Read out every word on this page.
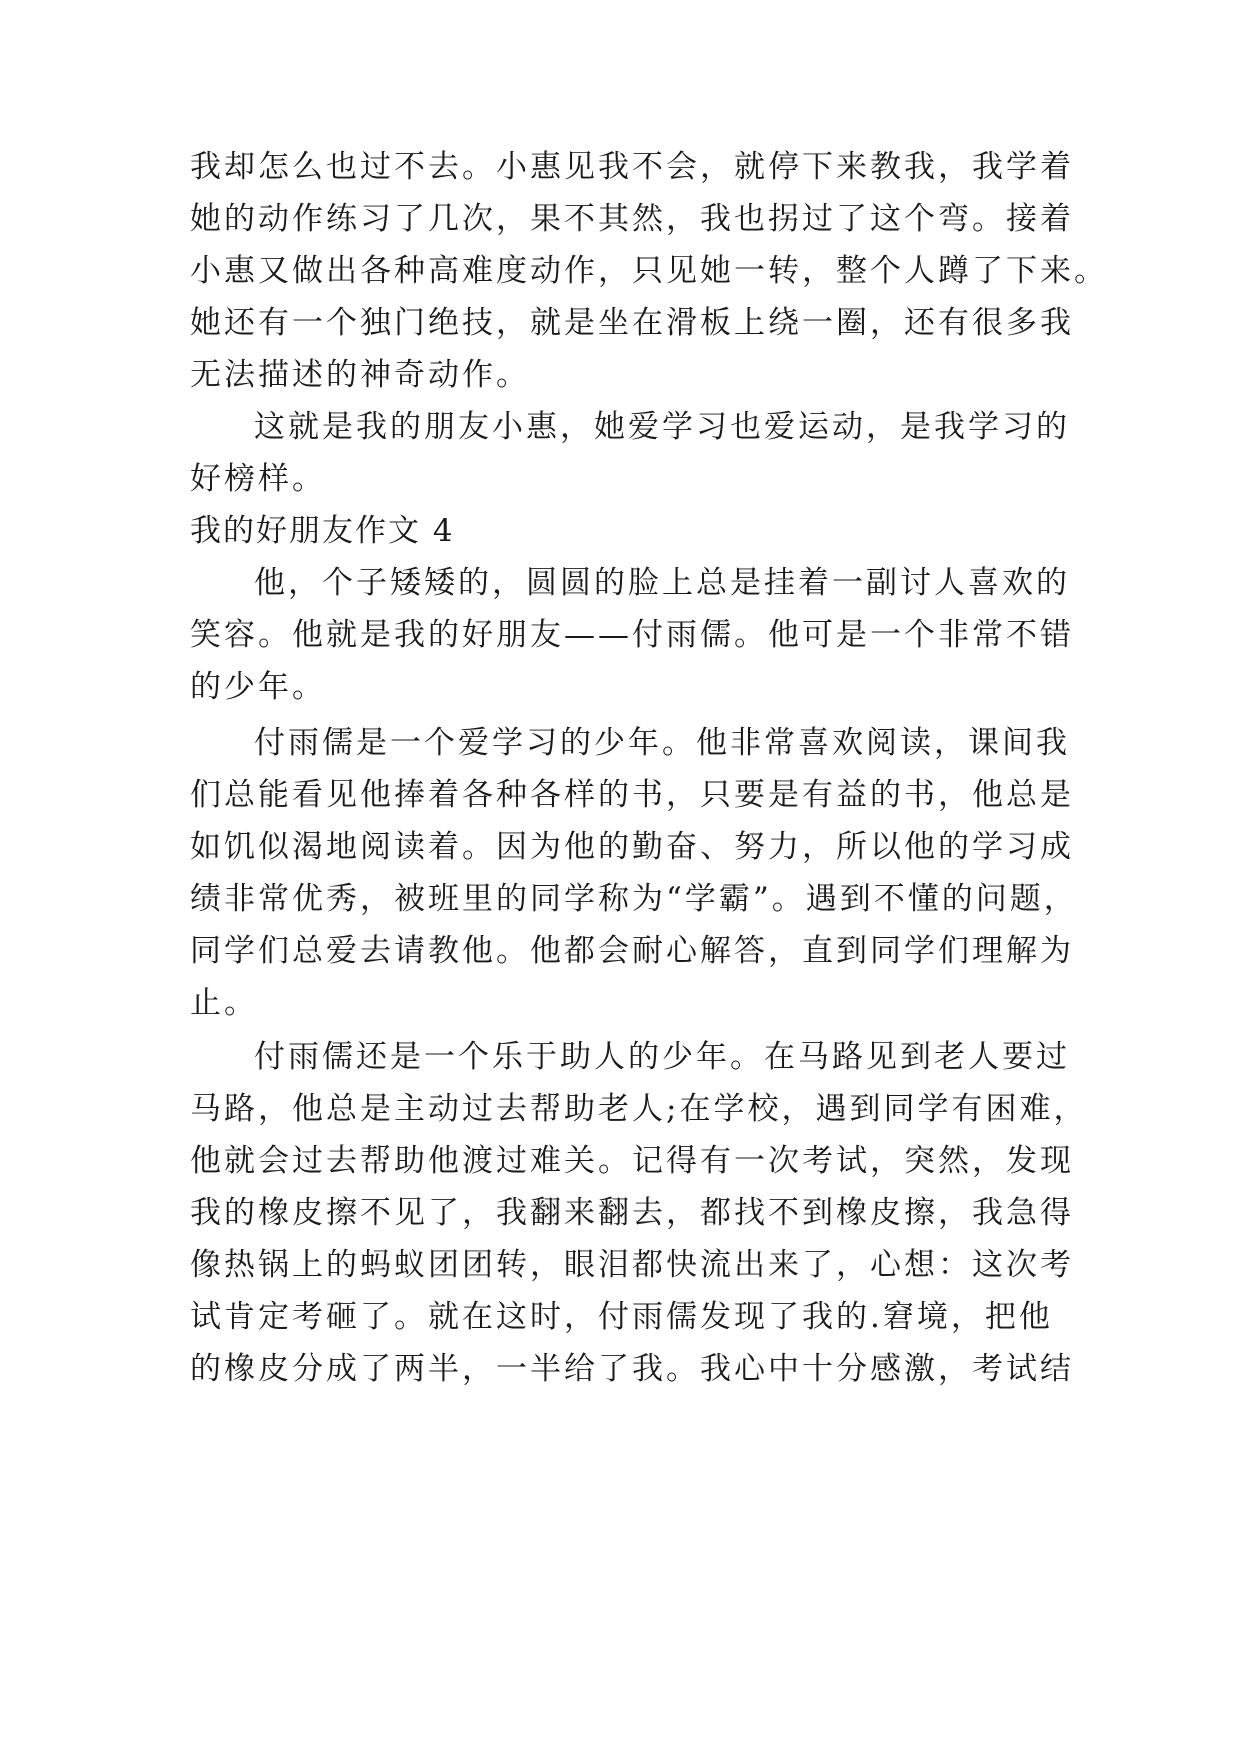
我却怎么也过不去。小惠见我不会，就停下来教我，我学着
她的动作练习了几次，果不其然，我也拐过了这个弯。接着
小惠又做出各种高难度动作，只见她一转，整个人蹲了下来。
她还有一个独门绝技，就是坐在滑板上绕一圈，还有很多我
无法描述的神奇动作。
这就是我的朋友小惠，她爱学习也爱运动，是我学习的
好榜样。
我的好朋友作文 4
他，个子矮矮的，圆圆的脸上总是挂着一副讨人喜欢的
笑容。他就是我的好朋友——付雨儒。他可是一个非常不错
的少年。
付雨儒是一个爱学习的少年。他非常喜欢阅读，课间我
们总能看见他捧着各种各样的书，只要是有益的书，他总是
如饥似渴地阅读着。因为他的勤奋、努力，所以他的学习成
绩非常优秀，被班里的同学称为“学霸”。遇到不懂的问题，
同学们总爱去请教他。他都会耐心解答，直到同学们理解为
止。
付雨儒还是一个乐于助人的少年。在马路见到老人要过
马路，他总是主动过去帮助老人;在学校，遇到同学有困难，
他就会过去帮助他渡过难关。记得有一次考试，突然，发现
我的橡皮擦不见了，我翻来翻去，都找不到橡皮擦，我急得
像热锅上的蚂蚁团团转，眼泪都快流出来了，心想：这次考
试肯定考砸了。就在这时，付雨儒发现了我的.窘境，把他
的橡皮分成了两半，一半给了我。我心中十分感激，考试结
